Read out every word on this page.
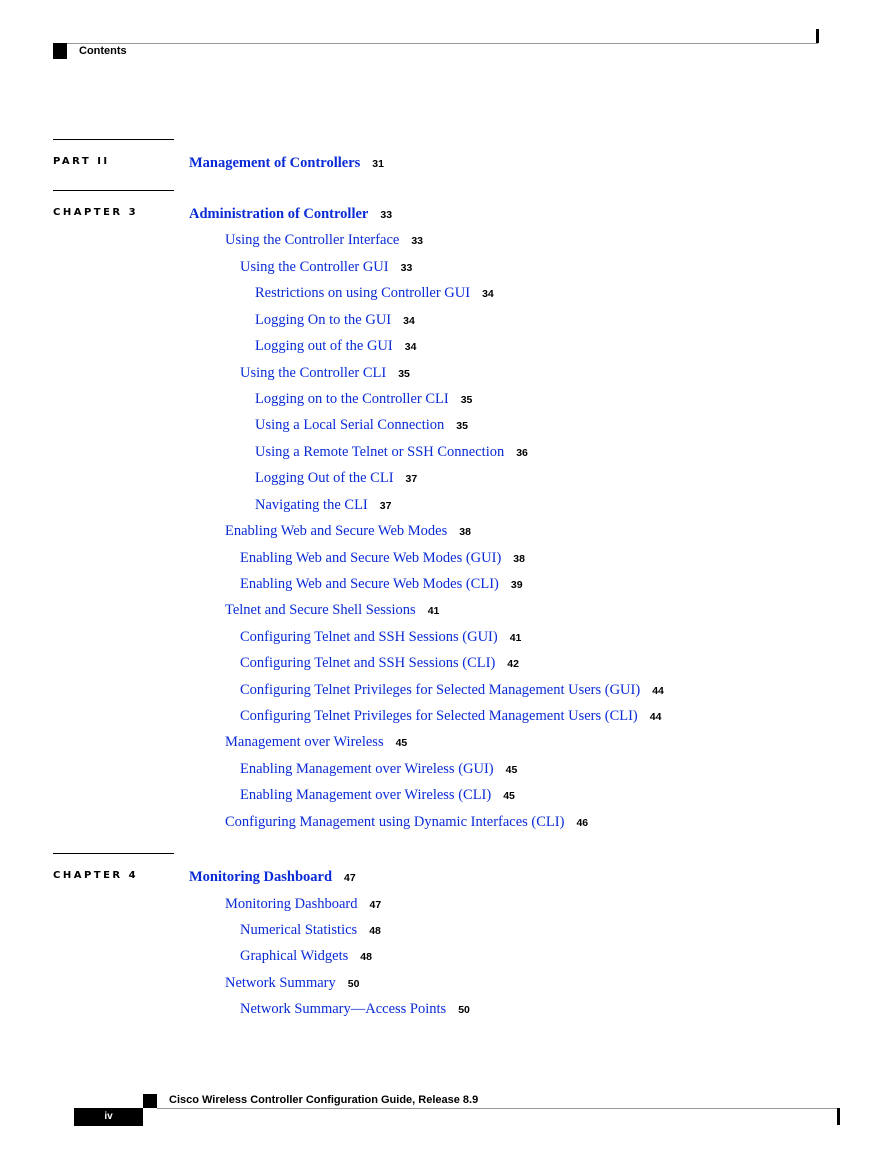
Contents
PART II
CHAPTER 3
CHAPTER 4
Management of Controllers 31
Administration of Controller 33
Using the Controller Interface 33
Using the Controller GUI 33
Restrictions on using Controller GUI 34
Logging On to the GUI 34
Logging out of the GUI 34
Using the Controller CLI 35
Logging on to the Controller CLI 35
Using a Local Serial Connection 35
Using a Remote Telnet or SSH Connection 36
Logging Out of the CLI 37
Navigating the CLI 37
Enabling Web and Secure Web Modes 38
Enabling Web and Secure Web Modes (GUI) 38
Enabling Web and Secure Web Modes (CLI) 39
Telnet and Secure Shell Sessions 41
Configuring Telnet and SSH Sessions (GUI) 41
Configuring Telnet and SSH Sessions (CLI) 42
Configuring Telnet Privileges for Selected Management Users (GUI) 44
Configuring Telnet Privileges for Selected Management Users (CLI) 44
Management over Wireless 45
Enabling Management over Wireless (GUI) 45
Enabling Management over Wireless (CLI) 45
Configuring Management using Dynamic Interfaces (CLI) 46
Monitoring Dashboard 47
Monitoring Dashboard 47
Numerical Statistics 48
Graphical Widgets 48
Network Summary 50
Network Summary—Access Points 50
Cisco Wireless Controller Configuration Guide, Release 8.9
iv
